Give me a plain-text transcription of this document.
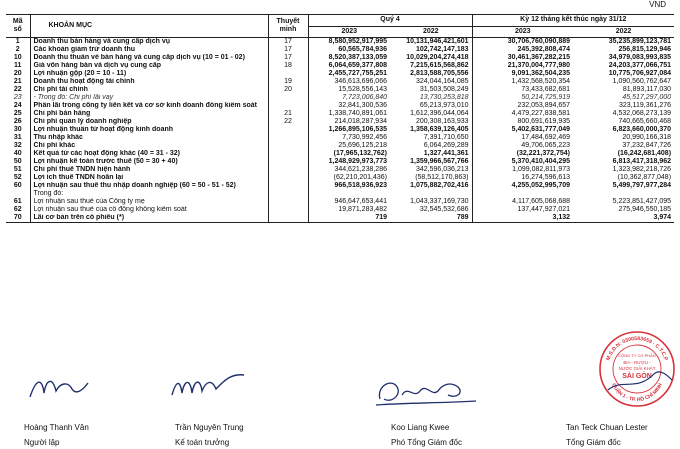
VND
Mã số	KHOẢN MỤC	Thuyết minh	Quý 4		Kỳ 12 tháng kết thúc ngày 31/12	
			2023	2022	2023	2022
1	Doanh thu bán hàng và cung cấp dịch vụ	17	8,580,952,917,995	10,131,946,421,601	30,706,760,090,889	35,235,899,123,781
2	Các khoản giảm trừ doanh thu	17	60,565,784,936	102,742,147,183	245,392,808,474	256,815,129,946
10	Doanh thu thuần về bán hàng và cung cấp dịch vụ (10 = 01 - 02)	17	8,520,387,133,059	10,029,204,274,418	30,461,367,282,215	34,979,083,993,835
11	Giá vốn hàng bán và dịch vụ cung cấp	18	6,064,659,377,808	7,215,615,568,862	21,370,004,777,980	24,203,377,066,751
20	Lợi nhuận gộp (20 = 10 - 11)		2,455,727,755,251	2,813,588,705,556	9,091,362,504,235	10,775,706,927,084
21	Doanh thu hoạt động tài chính	19	346,613,696,066	324,044,164,085	1,432,568,520,354	1,090,560,762,647
22	Chi phí tài chính	20	15,528,556,143	31,503,508,249	73,433,682,681	81,893,117,030
23	- Trong đó: Chi phí lãi vay		7,723,006,840	13,730,253,818	50,214,725,919	45,517,297,000
24	Phần lãi trong công ty liên kết và cơ sở kinh doanh đồng kiểm soát		32,841,300,536	65,213,973,010	232,053,894,657	323,119,361,276
25	Chi phí bán hàng	21	1,338,740,891,061	1,612,396,044,064	4,479,227,838,581	4,532,068,273,139
26	Chi phí quản lý doanh nghiệp	22	214,018,287,934	200,308,163,933	800,691,619,935	740,665,660,468
30	Lợi nhuận thuần từ hoạt động kinh doanh		1,266,895,106,535	1,358,639,126,405	5,402,631,777,049	6,823,660,000,370
31	Thu nhập khác		7,730,992,456	7,391,710,650	17,484,692,469	20,990,166,318
32	Chi phí khác		25,696,125,218	6,064,269,289	49,706,065,223	37,232,847,726
40	Kết quả từ các hoạt động khác (40 = 31 - 32)		(17,965,132,762)	1,327,441,361	(32,221,372,754)	(16,242,681,408)
50	Lợi nhuận kế toán trước thuế (50 = 30 + 40)		1,248,929,973,773	1,359,966,567,766	5,370,410,404,295	6,813,417,318,962
51	Chi phí thuế TNDN hiện hành		344,621,238,286	342,596,036,213	1,099,082,811,973	1,323,982,218,726
52	Lợi ích thuế TNDN hoãn lại		(62,210,201,436)	(58,512,170,863)	16,274,596,613	(10,362,877,048)
60	Lợi nhuận sau thuế thu nhập doanh nghiệp (60 = 50 - 51 - 52)		966,518,936,923	1,075,882,702,416	4,255,052,995,709	5,499,797,977,284
	Trong đó:					
61	Lợi nhuận sau thuế của Công ty mẹ		946,647,653,441	1,043,337,169,730	4,117,605,068,688	5,223,851,427,095
62	Lợi nhuận sau thuế của cổ đông không kiểm soát		19,871,283,482	32,545,532,686	137,447,927,021	275,946,550,185
70	Lãi cơ bản trên cổ phiếu (*)		719	789	3,132	3,974
Hoàng Thanh Vân
Người lập
Trần Nguyên Trung
Kế toán trưởng
Koo Liang Kwee
Phó Tổng Giám đốc
Tan Teck Chuan Lester
Tổng Giám đốc
M.S.D.N: 0300583659 - C.T.C.P
QUẬN 1 - TP. HỒ CHÍ MINH
CÔNG TY CỔ PHẦN
BIA - RƯỢU -
NƯỚC GIẢI KHÁT
SÀI GÒN
